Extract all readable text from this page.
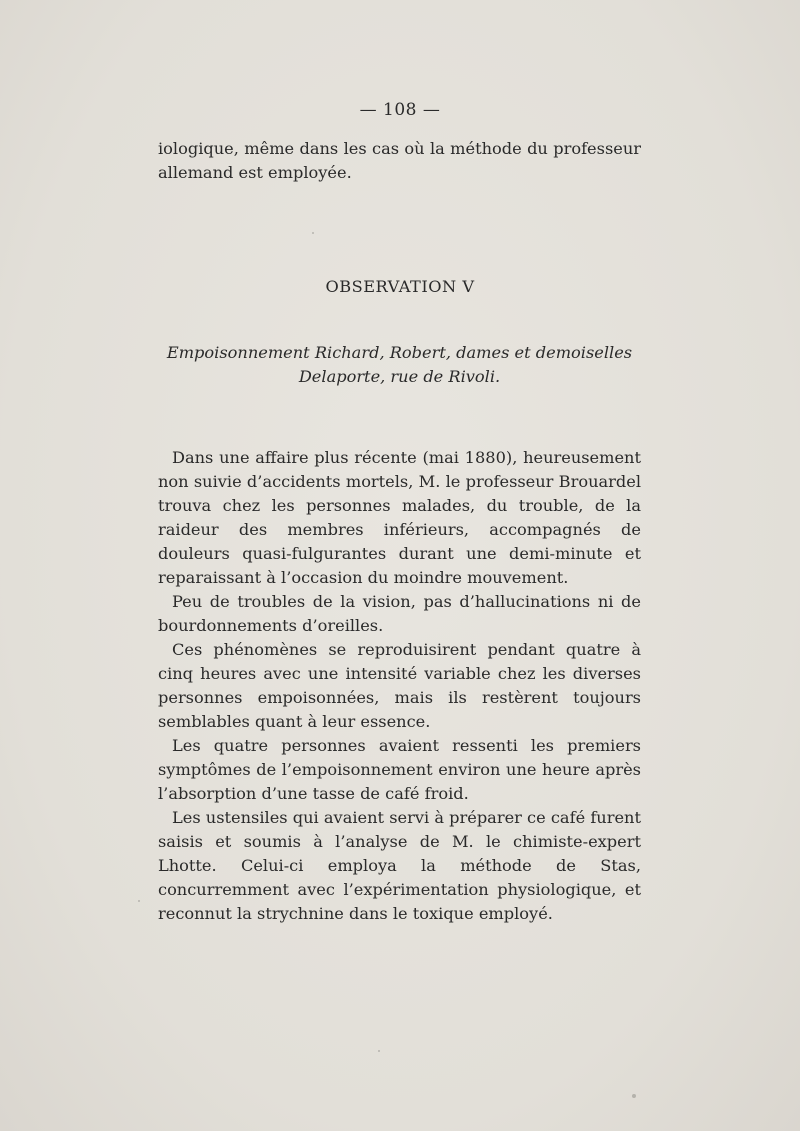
— 108 —

iologique, même dans les cas où la méthode du professeur allemand est employée.

OBSERVATION V
Empoisonnement Richard, Robert, dames et demoiselles
Delaporte, rue de Rivoli.

Dans une affaire plus récente (mai 1880), heureusement non suivie d’accidents mortels, M. le professeur Brouardel trouva chez les personnes malades, du trouble, de la raideur des membres inférieurs, accompagnés de douleurs quasi-fulgurantes durant une demi-minute et reparaissant à l’occasion du moindre mouvement.

Peu de troubles de la vision, pas d’hallucinations ni de bourdonnements d’oreilles.

Ces phénomènes se reproduisirent pendant quatre à cinq heures avec une intensité variable chez les diverses personnes empoisonnées, mais ils restèrent toujours semblables quant à leur essence.

Les quatre personnes avaient ressenti les premiers symptômes de l’empoisonnement environ une heure après l’absorption d’une tasse de café froid.

Les ustensiles qui avaient servi à préparer ce café furent saisis et soumis à l’analyse de M. le chimiste-expert Lhotte. Celui-ci employa la méthode de Stas, concurremment avec l’expérimentation physiologique, et reconnut la strychnine dans le toxique employé.
